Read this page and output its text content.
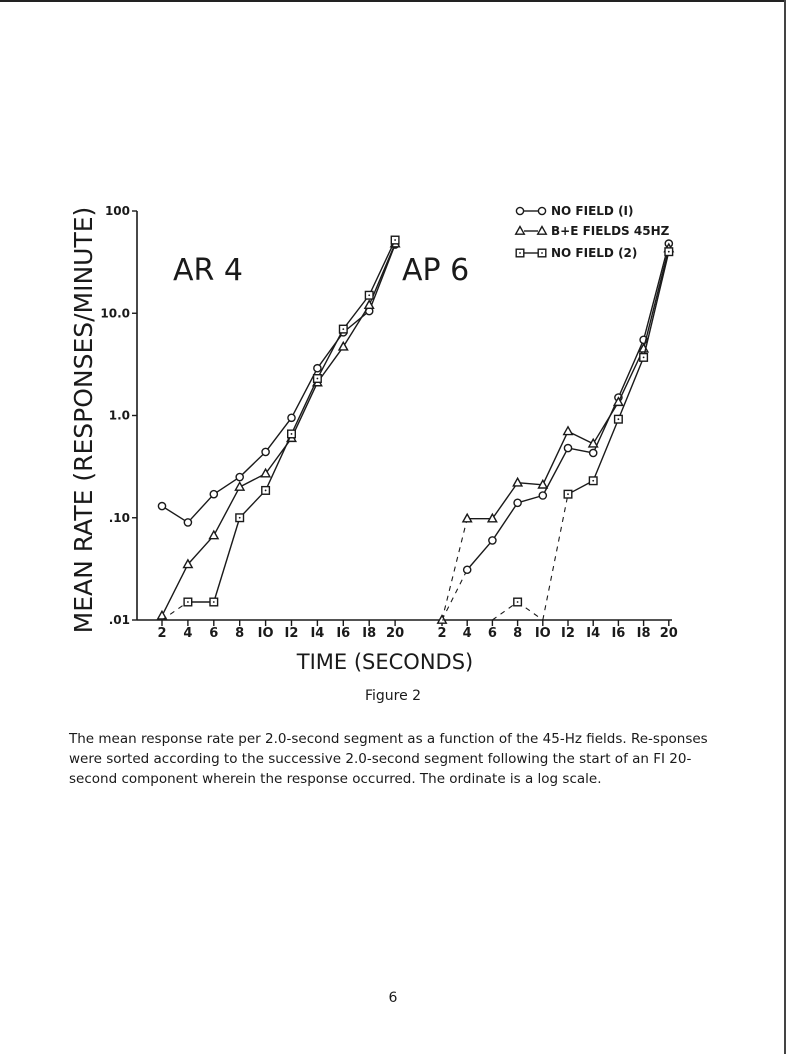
.01
.10
1.0
10.0
100
2 4 6 8 IO I2 I4 I6 I8 20	2 4 6 8 IO I2 I4 I6 I8 20
MEAN RATE (RESPONSES/MINUTE)
TIME (SECONDS)
AR 4	AP 6
NO FIELD (I)
B+E FIELDS 45HZ
NO FIELD (2)
Figure 2
The mean response rate per 2.0-second segment as a function of the 45-Hz fields. Re-sponses were sorted according to the successive 2.0-second segment following the start of an FI 20-second component wherein the response occurred. The ordinate is a log scale.
6
